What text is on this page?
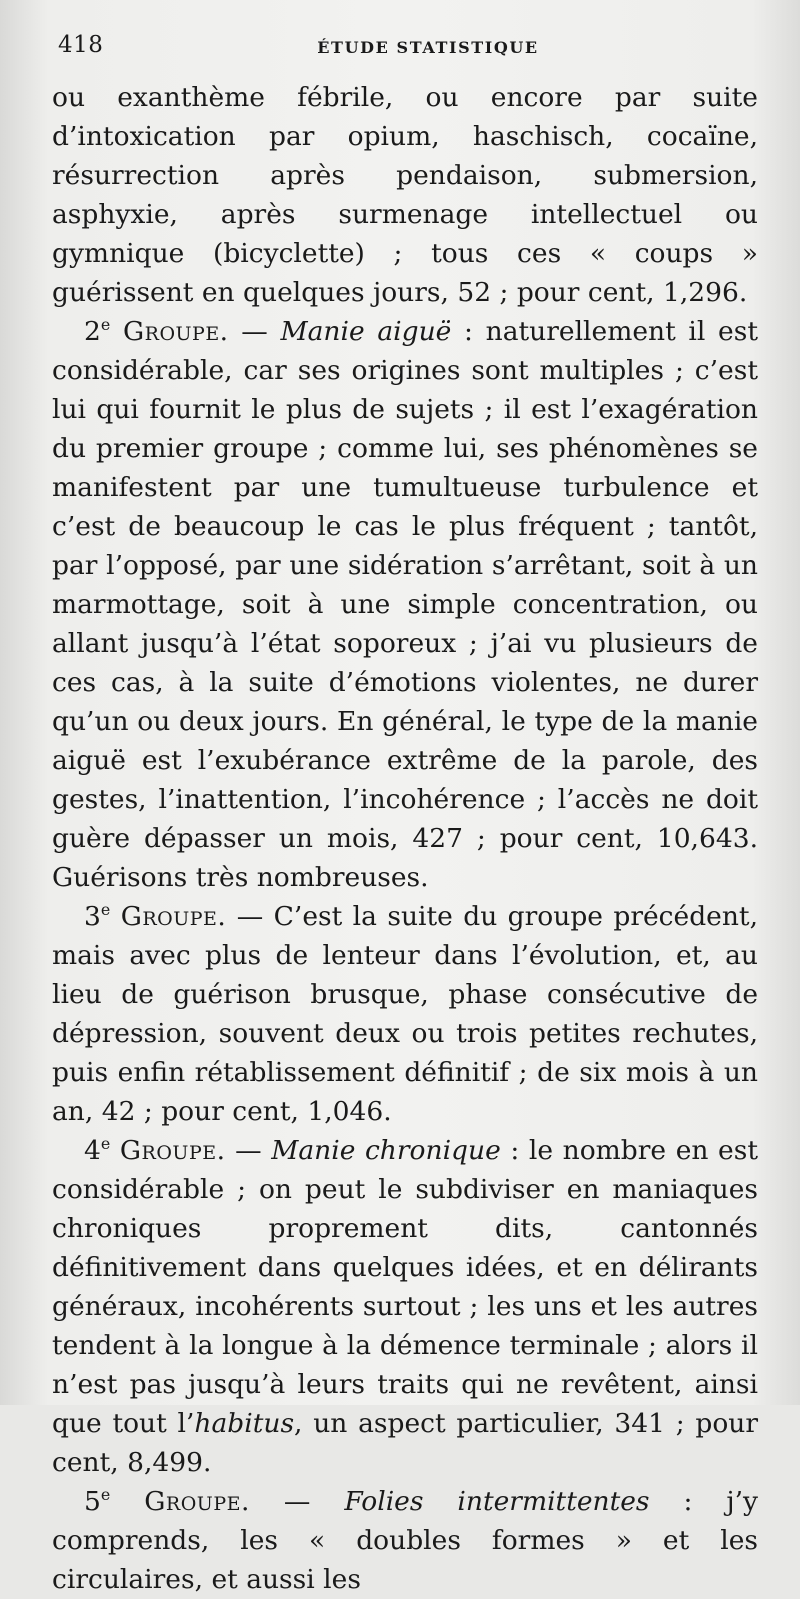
418	ÉTUDE STATISTIQUE

ou exanthème fébrile, ou encore par suite d’intoxication par opium, haschisch, cocaïne, résurrection après pendaison, submersion, asphyxie, après surmenage intellectuel ou gymnique (bicyclette) ; tous ces « coups » guérissent en quelques jours, 52 ; pour cent, 1,296.

2e Groupe. — Manie aiguë : naturellement il est considérable, car ses origines sont multiples ; c’est lui qui fournit le plus de sujets ; il est l’exagération du premier groupe ; comme lui, ses phénomènes se manifestent par une tumultueuse turbulence et c’est de beaucoup le cas le plus fréquent ; tantôt, par l’opposé, par une sidération s’arrêtant, soit à un marmottage, soit à une simple concentration, ou allant jusqu’à l’état soporeux ; j’ai vu plusieurs de ces cas, à la suite d’émotions violentes, ne durer qu’un ou deux jours. En général, le type de la manie aiguë est l’exubérance extrême de la parole, des gestes, l’inattention, l’incohérence ; l’accès ne doit guère dépasser un mois, 427 ; pour cent, 10,643. Guérisons très nombreuses.

3e Groupe. — C’est la suite du groupe précédent, mais avec plus de lenteur dans l’évolution, et, au lieu de guérison brusque, phase consécutive de dépression, souvent deux ou trois petites rechutes, puis enfin rétablissement définitif ; de six mois à un an, 42 ; pour cent, 1,046.

4e Groupe. — Manie chronique : le nombre en est considérable ; on peut le subdiviser en maniaques chroniques proprement dits, cantonnés définitivement dans quelques idées, et en délirants généraux, incohérents surtout ; les uns et les autres tendent à la longue à la démence terminale ; alors il n’est pas jusqu’à leurs traits qui ne revêtent, ainsi que tout l’habitus, un aspect particulier, 341 ; pour cent, 8,499.

5e Groupe. — Folies intermittentes : j’y comprends, les « doubles formes » et les circulaires, et aussi les
